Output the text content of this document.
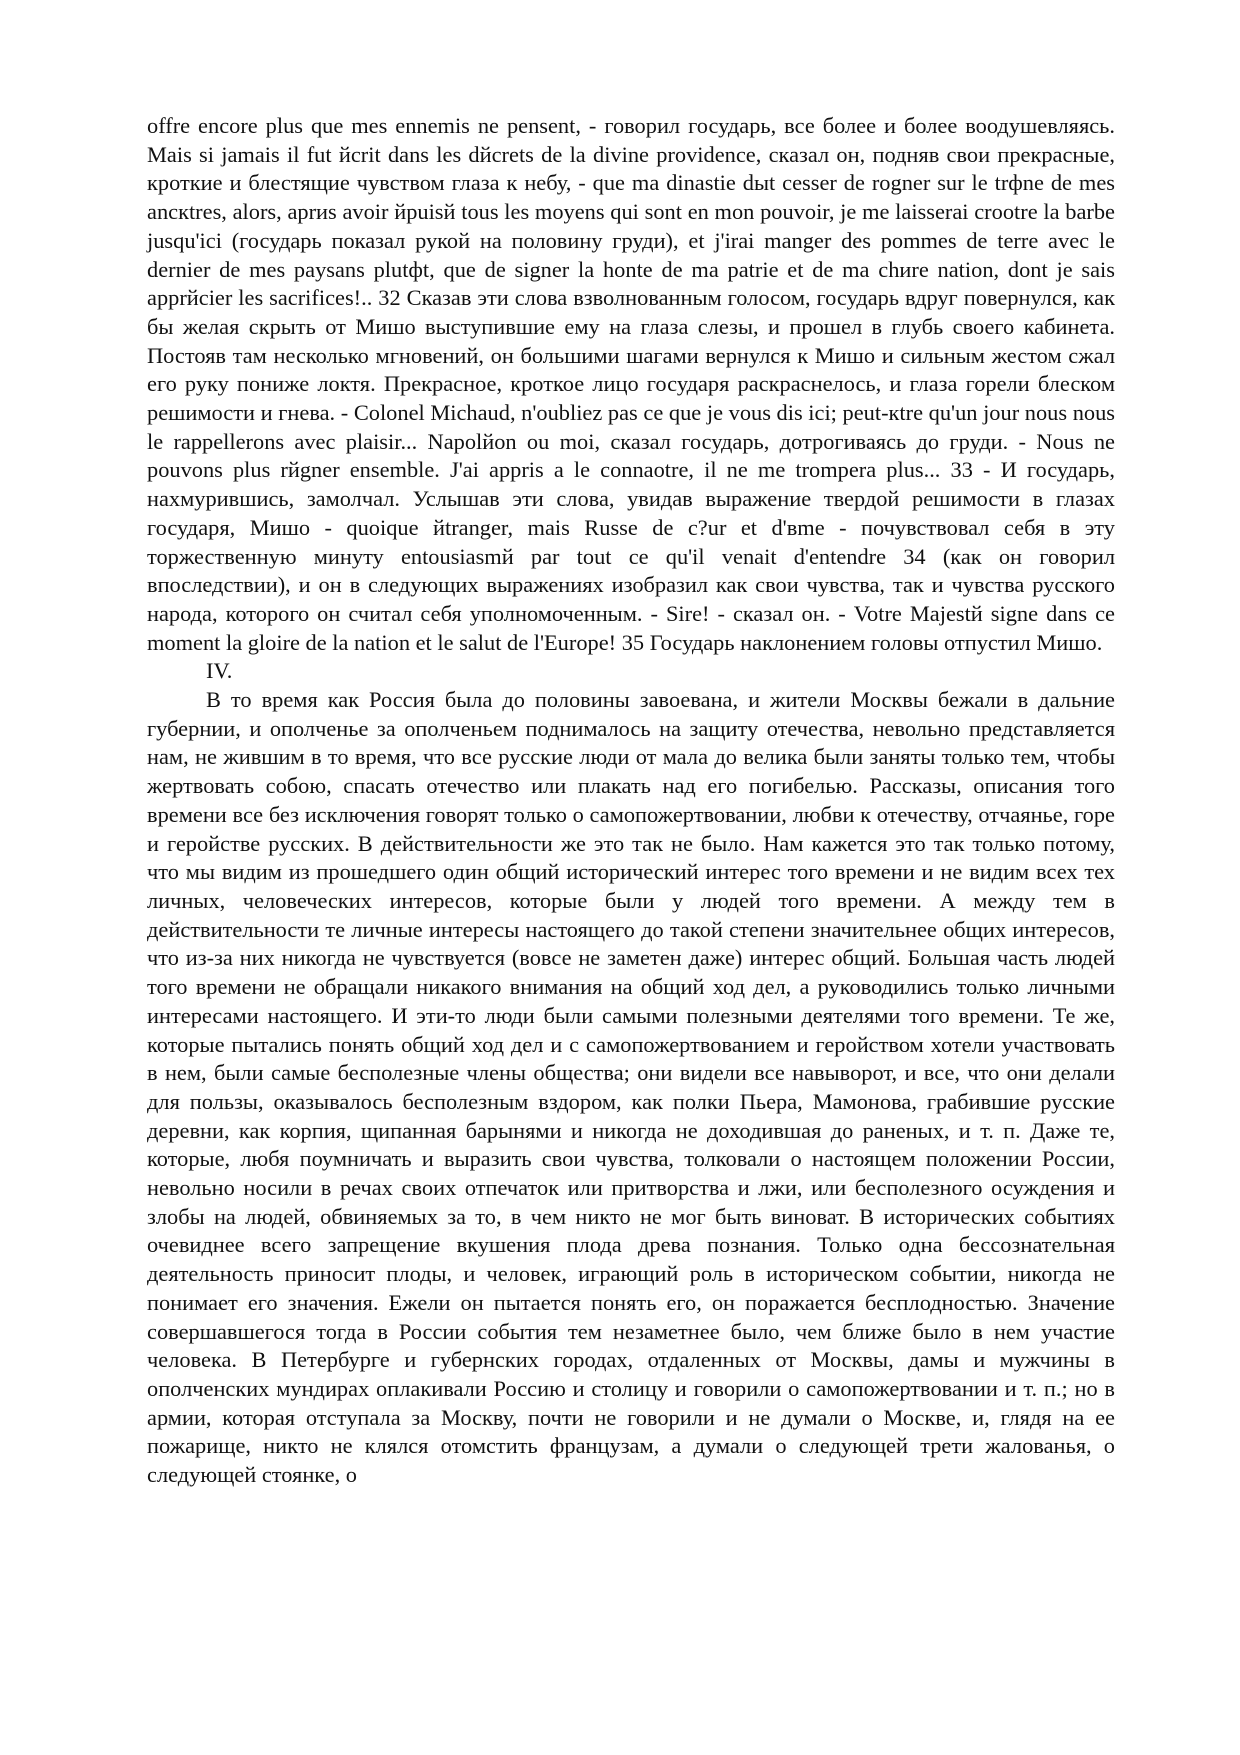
offre encore plus que mes ennemis ne pensent, - говорил государь, все более и более воодушевляясь. Mais si jamais il fut йcrit dans les dйcrets de la divine providence, сказал он, подняв свои прекрасные, кроткие и блестящие чувством глаза к небу, - que ma dinastie dыt cesser de rogner sur le trфne de mes ancкtres, alors, aprиs avoir йpuisй tous les moyens qui sont en mon pouvoir, je me laisserai crootre la barbe jusqu'ici (государь показал рукой на половину груди), et j'irai manger des pommes de terre avec le dernier de mes paysans plutфt, que de signer la honte de ma patrie et de ma chиre nation, dont je sais apprйcier les sacrifices!.. 32 Сказав эти слова взволнованным голосом, государь вдруг повернулся, как бы желая скрыть от Мишо выступившие ему на глаза слезы, и прошел в глубь своего кабинета. Постояв там несколько мгновений, он большими шагами вернулся к Мишо и сильным жестом сжал его руку пониже локтя. Прекрасное, кроткое лицо государя раскраснелось, и глаза горели блеском решимости и гнева. - Colonel Michaud, n'oubliez pas ce que je vous dis ici; peut-кtre qu'un jour nous nous le rappellerons avec plaisir... Napolйon ou moi, сказал государь, дотрогиваясь до груди. - Nous ne pouvons plus rйgner ensemble. J'ai appris a le connaotre, il ne me trompera plus... 33 - И государь, нахмурившись, замолчал. Услышав эти слова, увидав выражение твердой решимости в глазах государя, Мишо - quoique йtranger, mais Russe de c?ur et d'вme - почувствовал себя в эту торжественную минуту entousiasmй par tout ce qu'il venait d'entendre 34 (как он говорил впоследствии), и он в следующих выражениях изобразил как свои чувства, так и чувства русского народа, которого он считал себя уполномоченным. - Sire! - сказал он. - Votre Majestй signe dans ce moment la gloire de la nation et le salut de l'Europe! 35 Государь наклонением головы отпустил Мишо.

IV.

В то время как Россия была до половины завоевана, и жители Москвы бежали в дальние губернии, и ополченье за ополченьем поднималось на защиту отечества, невольно представляется нам, не жившим в то время, что все русские люди от мала до велика были заняты только тем, чтобы жертвовать собою, спасать отечество или плакать над его погибелью. Рассказы, описания того времени все без исключения говорят только о самопожертвовании, любви к отечеству, отчаянье, горе и геройстве русских. В действительности же это так не было. Нам кажется это так только потому, что мы видим из прошедшего один общий исторический интерес того времени и не видим всех тех личных, человеческих интересов, которые были у людей того времени. А между тем в действительности те личные интересы настоящего до такой степени значительнее общих интересов, что из-за них никогда не чувствуется (вовсе не заметен даже) интерес общий. Большая часть людей того времени не обращали никакого внимания на общий ход дел, а руководились только личными интересами настоящего. И эти-то люди были самыми полезными деятелями того времени. Те же, которые пытались понять общий ход дел и с самопожертвованием и геройством хотели участвовать в нем, были самые бесполезные члены общества; они видели все навыворот, и все, что они делали для пользы, оказывалось бесполезным вздором, как полки Пьера, Мамонова, грабившие русские деревни, как корпия, щипанная барынями и никогда не доходившая до раненых, и т. п. Даже те, которые, любя поумничать и выразить свои чувства, толковали о настоящем положении России, невольно носили в речах своих отпечаток или притворства и лжи, или бесполезного осуждения и злобы на людей, обвиняемых за то, в чем никто не мог быть виноват. В исторических событиях очевиднее всего запрещение вкушения плода древа познания. Только одна бессознательная деятельность приносит плоды, и человек, играющий роль в историческом событии, никогда не понимает его значения. Ежели он пытается понять его, он поражается бесплодностью. Значение совершавшегося тогда в России события тем незаметнее было, чем ближе было в нем участие человека. В Петербурге и губернских городах, отдаленных от Москвы, дамы и мужчины в ополченских мундирах оплакивали Россию и столицу и говорили о самопожертвовании и т. п.; но в армии, которая отступала за Москву, почти не говорили и не думали о Москве, и, глядя на ее пожарище, никто не клялся отомстить французам, а думали о следующей трети жалованья, о следующей стоянке, о
